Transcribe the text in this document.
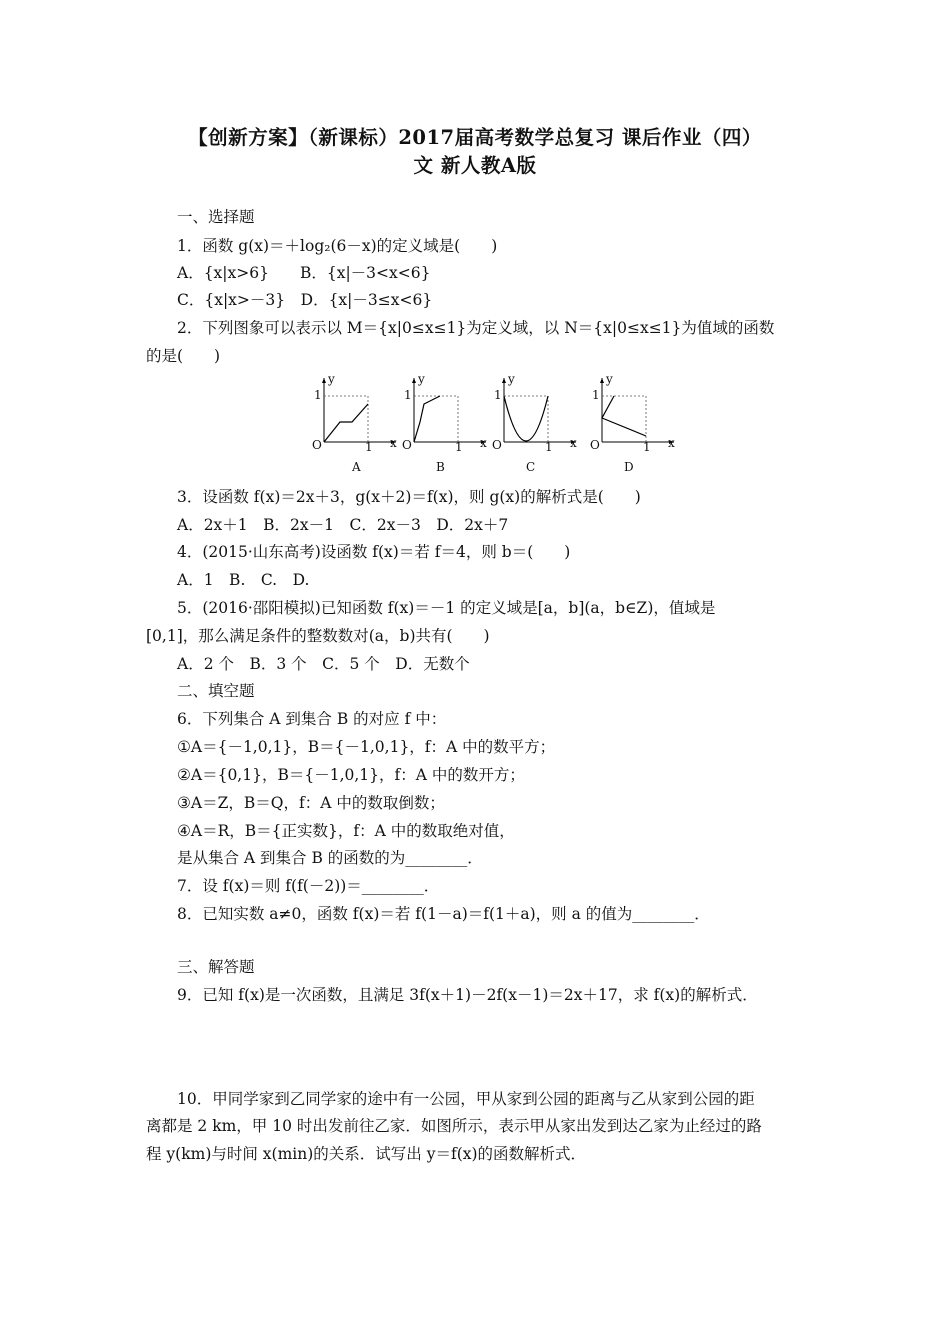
【创新方案】（新课标）2017届高考数学总复习 课后作业（四）
文 新人教A版
一、选择题
1．函数 g(x)＝＋log₂(6－x)的定义域是(　　)
A．{x|x>6}　　B．{x|－3<x<6}
C．{x|x>－3}　D．{x|－3≤x<6}
2．下列图象可以表示以 M＝{x|0≤x≤1}为定义域，以 N＝{x|0≤x≤1}为值域的函数
的是(　　)
y
1
O	1 x
A
y
1
O	1 x
B
y
1
O	1 x
C
y
1
O	1 x
D
3．设函数 f(x)＝2x＋3，g(x＋2)＝f(x)，则 g(x)的解析式是(　　)
A．2x＋1　B．2x－1　C．2x－3　D．2x＋7
4．(2015·山东高考)设函数 f(x)＝若 f＝4，则 b＝(　　)
A．1　B.　C.　D.
5．(2016·邵阳模拟)已知函数 f(x)＝－1 的定义域是[a，b](a，b∈Z)，值域是
[0,1]，那么满足条件的整数数对(a，b)共有(　　)
A．2 个　B．3 个　C．5 个　D．无数个
二、填空题
6．下列集合 A 到集合 B 的对应 f 中：
①A＝{－1,0,1}，B＝{－1,0,1}，f：A 中的数平方；
②A＝{0,1}，B＝{－1,0,1}，f：A 中的数开方；
③A＝Z，B＝Q，f：A 中的数取倒数；
④A＝R，B＝{正实数}，f：A 中的数取绝对值，
是从集合 A 到集合 B 的函数的为________．
7．设 f(x)＝则 f(f(－2))＝________．
8．已知实数 a≠0，函数 f(x)＝若 f(1－a)＝f(1＋a)，则 a 的值为________．
三、解答题
9．已知 f(x)是一次函数，且满足 3f(x＋1)－2f(x－1)＝2x＋17，求 f(x)的解析式．
10．甲同学家到乙同学家的途中有一公园，甲从家到公园的距离与乙从家到公园的距
离都是 2 km，甲 10 时出发前往乙家．如图所示，表示甲从家出发到达乙家为止经过的路
程 y(km)与时间 x(min)的关系．试写出 y＝f(x)的函数解析式．
